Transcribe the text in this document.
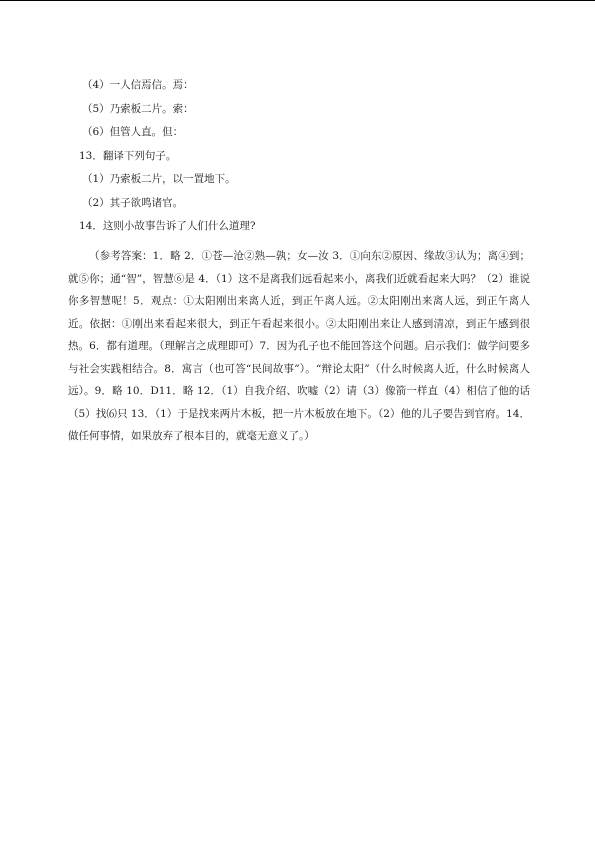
（4）一人信焉信。焉：
（5）乃索板二片。索：
（6）但管人直。但：
13．翻译下列句子。
（1）乃索板二片，以一置地下。
（2）其子欲鸣诸官。
14．这则小故事告诉了人们什么道理?
（参考答案：1．略 2．①苍—沧②熟—孰；女—汝 3．①向东②原因、缘故③认为；离④到；就⑤你；通“智”，智慧⑥是 4．（1）这不是离我们远看起来小，离我们近就看起来大吗？（2）谁说你多智慧呢！5．观点：①太阳刚出来离人近，到正午离人远。②太阳刚出来离人远，到正午离人近。依据：①刚出来看起来很大，到正午看起来很小。②太阳刚出来让人感到清凉，到正午感到很热。6．都有道理。（理解言之成理即可）7．因为孔子也不能回答这个问题。启示我们：做学问要多与社会实践相结合。8．寓言（也可答“民间故事”）。“辩论太阳”（什么时候离人近，什么时候离人远）。9．略 10．D11．略 12．（1）自我介绍、吹嘘（2）请（3）像箭一样直（4）相信了他的话（5）找⑹只 13．（1）于是找来两片木板，把一片木板放在地下。（2）他的儿子要告到官府。14．做任何事情，如果放弃了根本目的，就毫无意义了。）
